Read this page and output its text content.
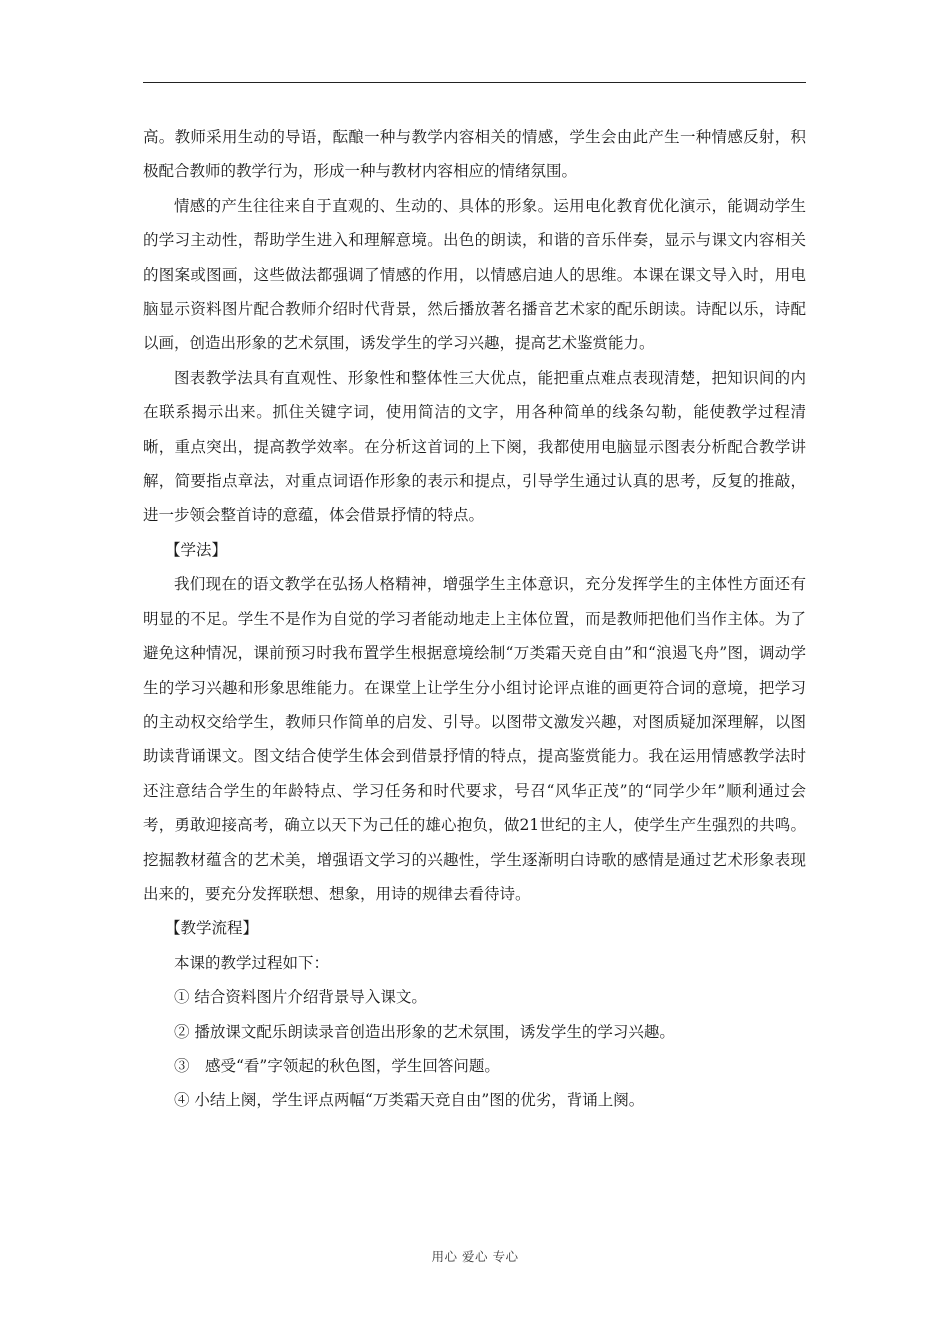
高。教师采用生动的导语，酝酿一种与教学内容相关的情感，学生会由此产生一种情感反射，积极配合教师的教学行为，形成一种与教材内容相应的情绪氛围。

情感的产生往往来自于直观的、生动的、具体的形象。运用电化教育优化演示，能调动学生的学习主动性，帮助学生进入和理解意境。出色的朗读，和谐的音乐伴奏，显示与课文内容相关的图案或图画，这些做法都强调了情感的作用，以情感启迪人的思维。本课在课文导入时，用电脑显示资料图片配合教师介绍时代背景，然后播放著名播音艺术家的配乐朗读。诗配以乐，诗配以画，创造出形象的艺术氛围，诱发学生的学习兴趣，提高艺术鉴赏能力。

图表教学法具有直观性、形象性和整体性三大优点，能把重点难点表现清楚，把知识间的内在联系揭示出来。抓住关键字词，使用简洁的文字，用各种简单的线条勾勒，能使教学过程清晰，重点突出，提高教学效率。在分析这首词的上下阕，我都使用电脑显示图表分析配合教学讲解，简要指点章法，对重点词语作形象的表示和提点，引导学生通过认真的思考，反复的推敲，进一步领会整首诗的意蕴，体会借景抒情的特点。

【学法】

我们现在的语文教学在弘扬人格精神，增强学生主体意识，充分发挥学生的主体性方面还有明显的不足。学生不是作为自觉的学习者能动地走上主体位置，而是教师把他们当作主体。为了避免这种情况，课前预习时我布置学生根据意境绘制“万类霜天竞自由”和“浪遏飞舟”图，调动学生的学习兴趣和形象思维能力。在课堂上让学生分小组讨论评点谁的画更符合词的意境，把学习的主动权交给学生，教师只作简单的启发、引导。以图带文激发兴趣，对图质疑加深理解，以图助读背诵课文。图文结合使学生体会到借景抒情的特点，提高鉴赏能力。我在运用情感教学法时还注意结合学生的年龄特点、学习任务和时代要求，号召“风华正茂”的“同学少年”顺利通过会考，勇敢迎接高考，确立以天下为己任的雄心抱负，做21世纪的主人，使学生产生强烈的共鸣。挖掘教材蕴含的艺术美，增强语文学习的兴趣性，学生逐渐明白诗歌的感情是通过艺术形象表现出来的，要充分发挥联想、想象，用诗的规律去看待诗。

【教学流程】

本课的教学过程如下：

① 结合资料图片介绍背景导入课文。

② 播放课文配乐朗读录音创造出形象的艺术氛围，诱发学生的学习兴趣。

③　感受“看”字领起的秋色图，学生回答问题。

④ 小结上阕，学生评点两幅“万类霜天竞自由”图的优劣，背诵上阕。

用心 爱心 专心
